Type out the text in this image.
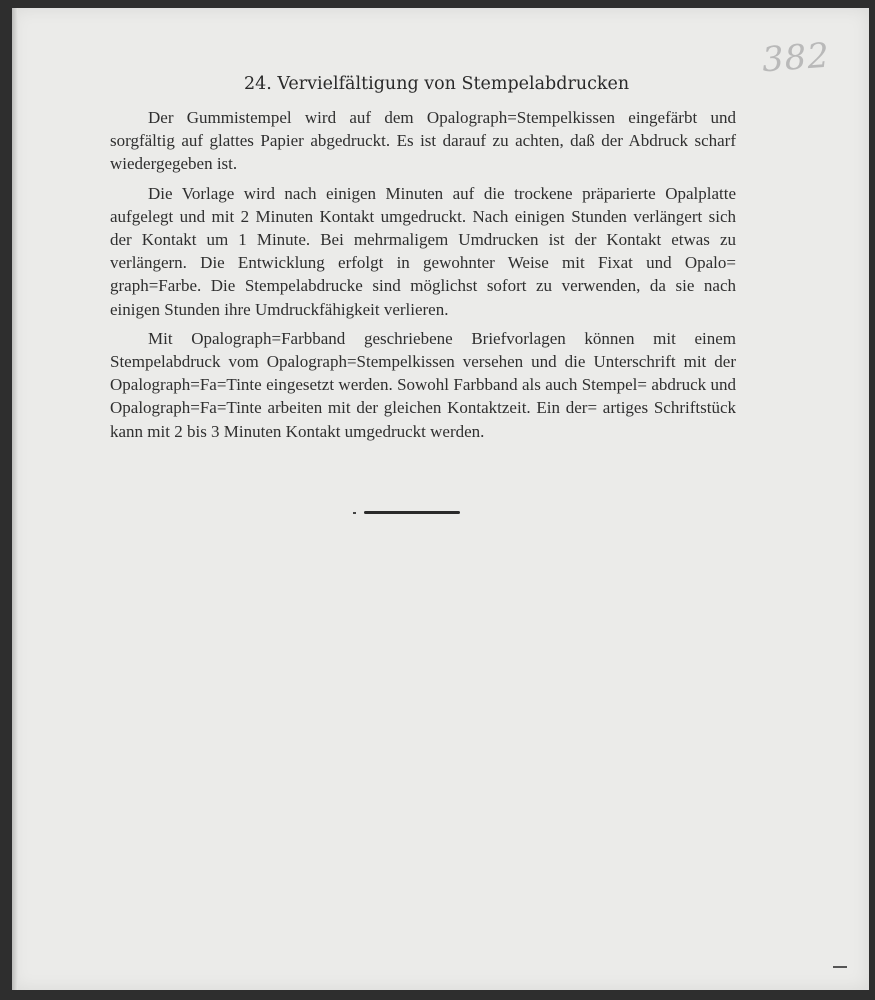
382
24. Vervielfältigung von Stempelabdrucken

Der Gummistempel wird auf dem Opalograph=Stempelkissen eingefärbt und sorgfältig auf glattes Papier abgedruckt. Es ist darauf zu achten, daß der Abdruck scharf wiedergegeben ist.

Die Vorlage wird nach einigen Minuten auf die trockene präparierte Opalplatte aufgelegt und mit 2 Minuten Kontakt umgedruckt. Nach einigen Stunden verlängert sich der Kontakt um 1 Minute. Bei mehrmaligem Umdrucken ist der Kontakt etwas zu verlängern. Die Entwicklung erfolgt in gewohnter Weise mit Fixat und Opalo= graph=Farbe. Die Stempelabdrucke sind möglichst sofort zu verwenden, da sie nach einigen Stunden ihre Umdruckfähigkeit verlieren.

Mit Opalograph=Farbband geschriebene Briefvorlagen können mit einem Stempelabdruck vom Opalograph=Stempelkissen versehen und die Unterschrift mit der Opalograph=Fa=Tinte eingesetzt werden. Sowohl Farbband als auch Stempel= abdruck und Opalograph=Fa=Tinte arbeiten mit der gleichen Kontaktzeit. Ein der= artiges Schriftstück kann mit 2 bis 3 Minuten Kontakt umgedruckt werden.
